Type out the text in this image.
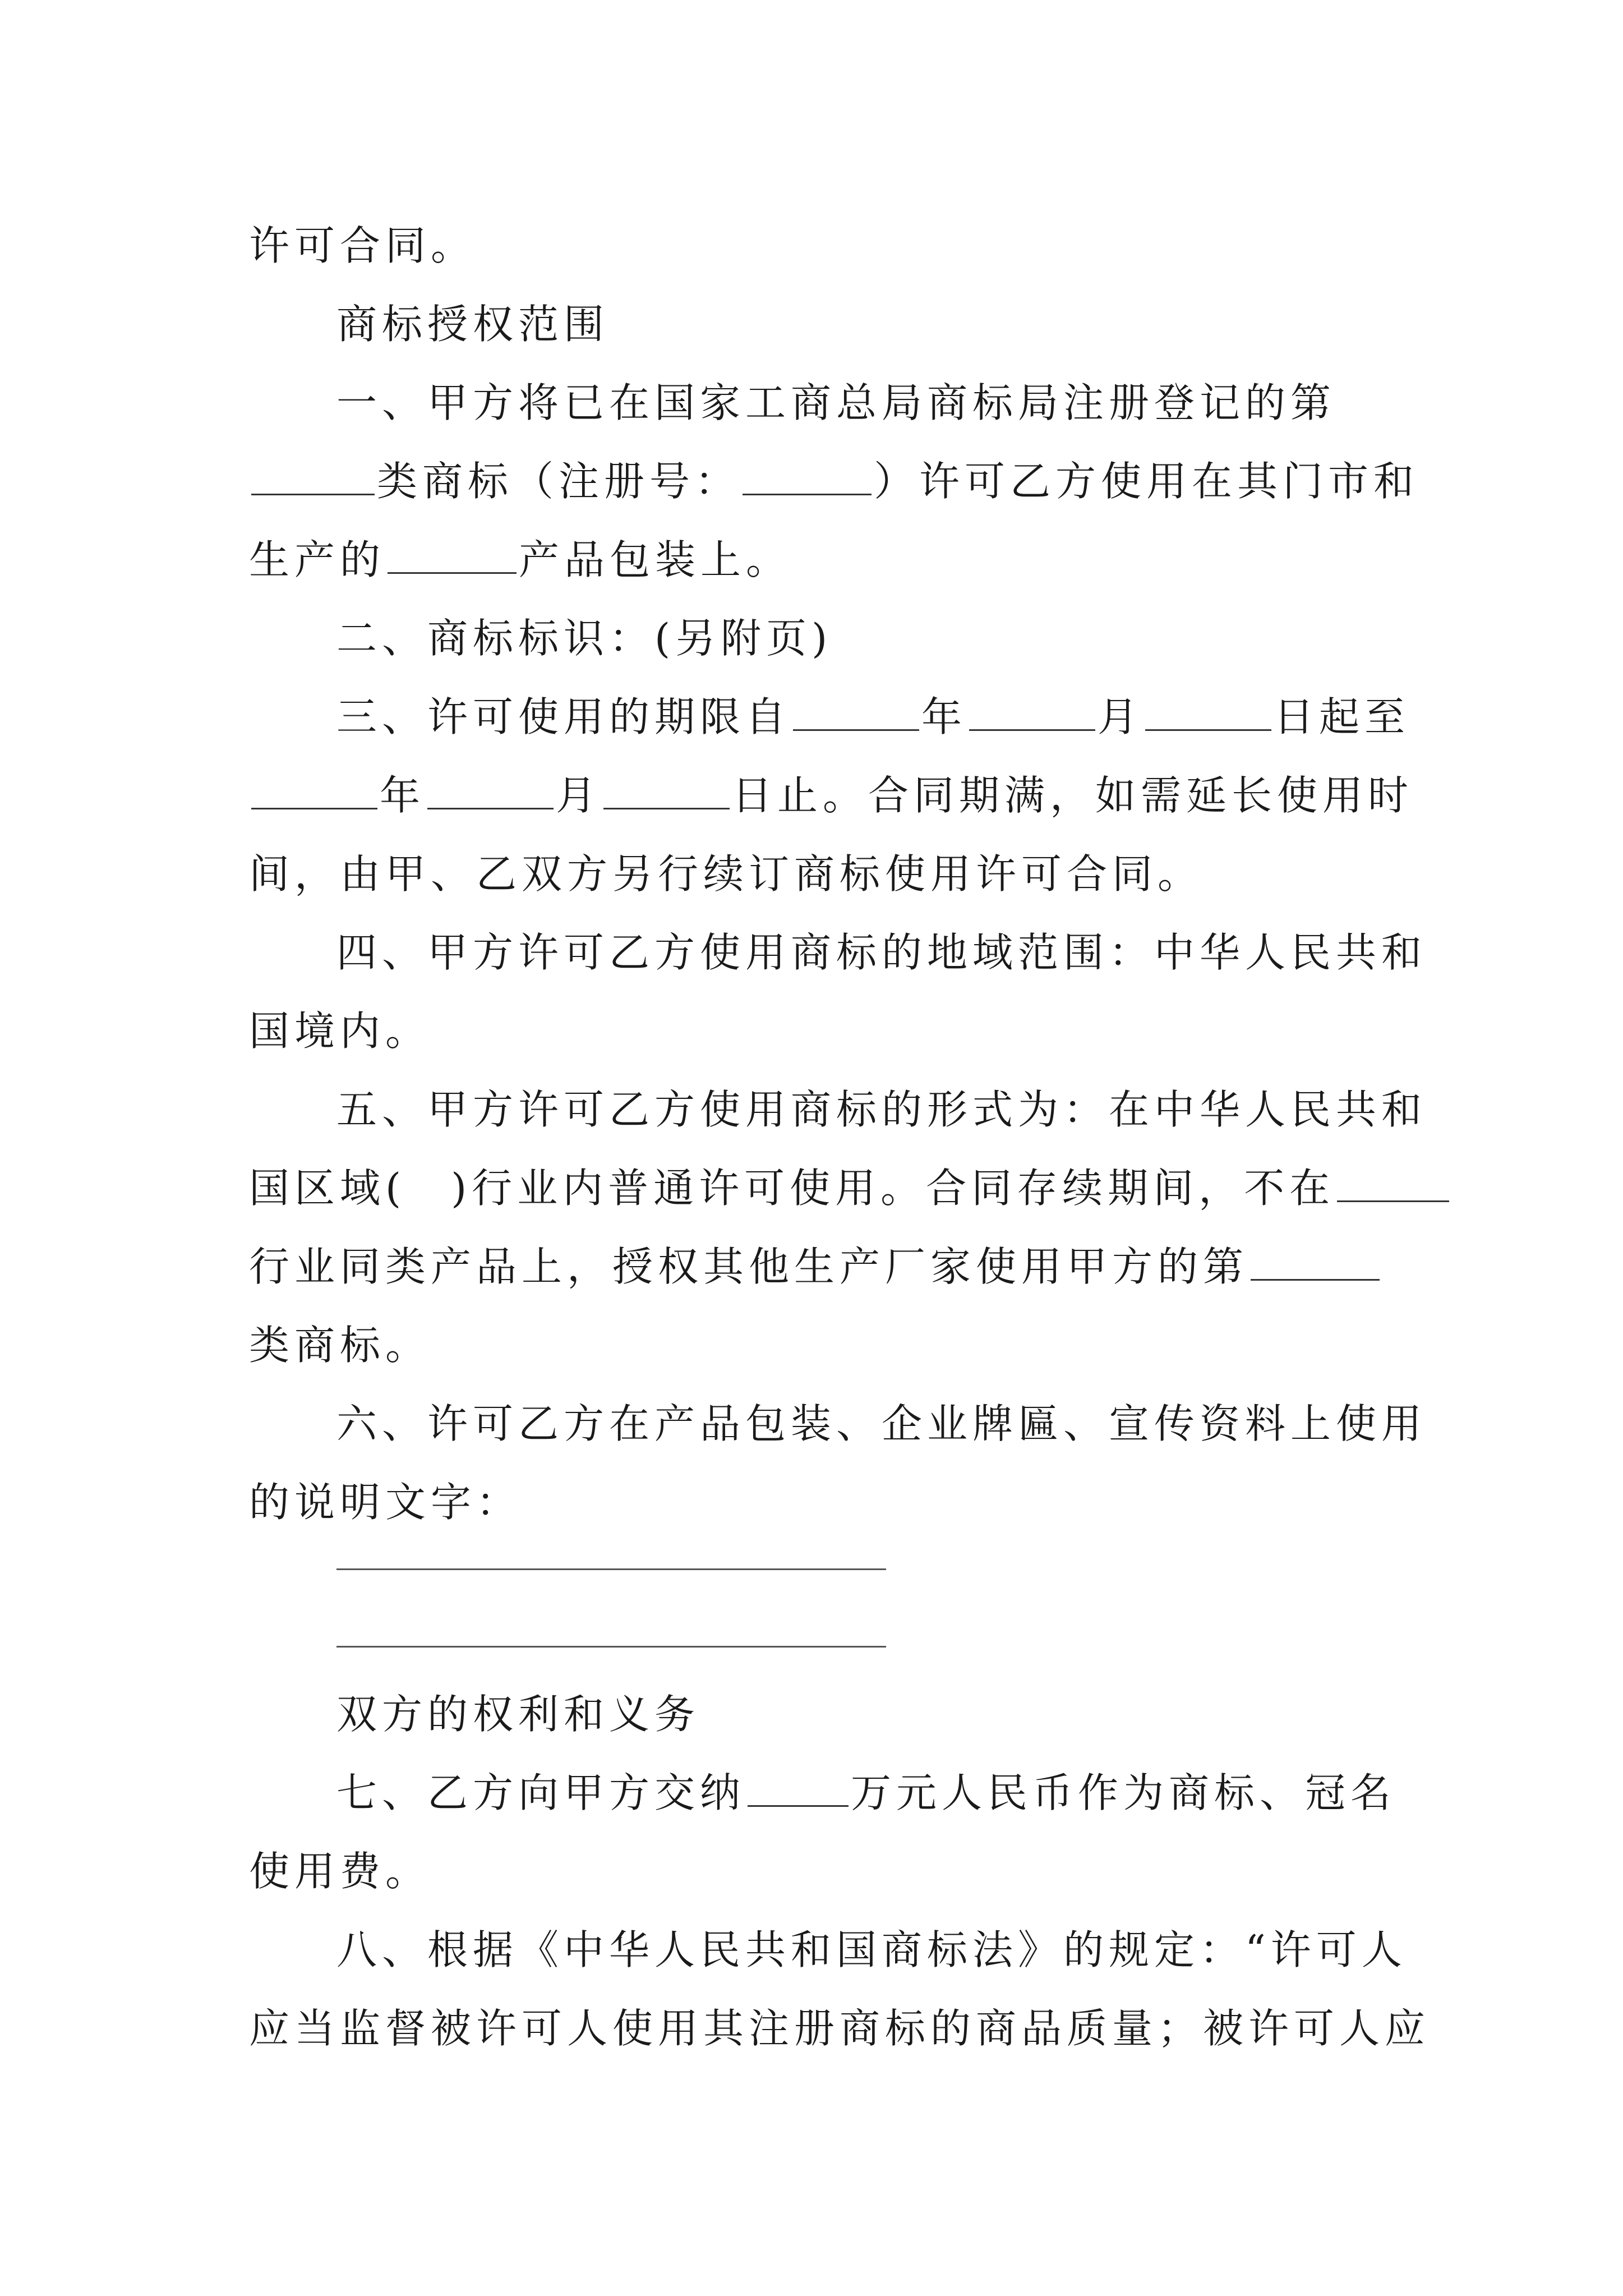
许可合同。
商标授权范围
一、甲方将已在国家工商总局商标局注册登记的第
类商标（注册号：	）许可乙方使用在其门市和
生产的	产品包装上。
二、商标标识：(另附页)
三、许可使用的期限自	年	月	日起至
年	月	日止。合同期满，如需延长使用时
间，由甲、乙双方另行续订商标使用许可合同。
四、甲方许可乙方使用商标的地域范围：中华人民共和
国境内。
五、甲方许可乙方使用商标的形式为：在中华人民共和
国区域( )行业内普通许可使用。合同存续期间，不在
行业同类产品上，授权其他生产厂家使用甲方的第
类商标。
六、许可乙方在产品包装、企业牌匾、宣传资料上使用
的说明文字：
双方的权利和义务
七、乙方向甲方交纳	万元人民币作为商标、冠名
使用费。
八、根据《中华人民共和国商标法》的规定：“许可人
应当监督被许可人使用其注册商标的商品质量；被许可人应
